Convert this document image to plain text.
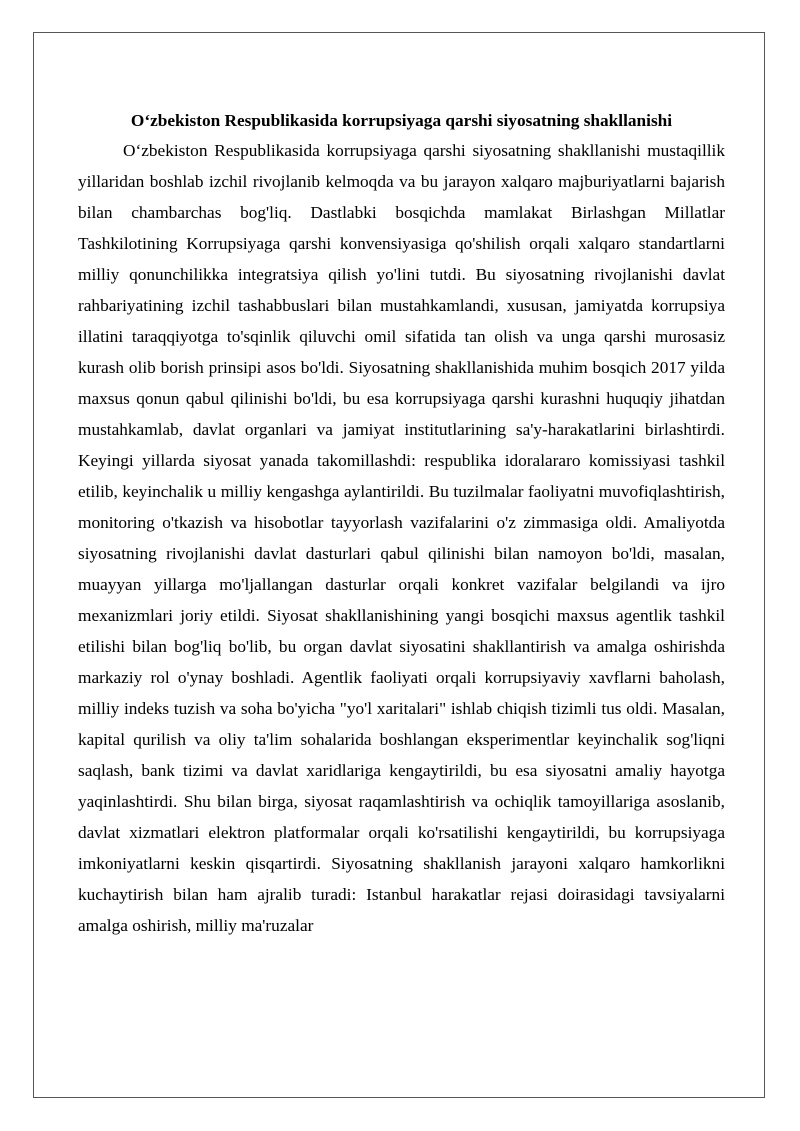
O‘zbekiston Respublikasida korrupsiyaga qarshi siyosatning shakllanishi

O‘zbekiston Respublikasida korrupsiyaga qarshi siyosatning shakllanishi mustaqillik yillaridan boshlab izchil rivojlanib kelmoqda va bu jarayon xalqaro majburiyatlarni bajarish bilan chambarchas bog'liq. Dastlabki bosqichda mamlakat Birlashgan Millatlar Tashkilotining Korrupsiyaga qarshi konvensiyasiga qo'shilish orqali xalqaro standartlarni milliy qonunchilikka integratsiya qilish yo'lini tutdi. Bu siyosatning rivojlanishi davlat rahbariyatining izchil tashabbuslari bilan mustahkamlandi, xususan, jamiyatda korrupsiya illatini taraqqiyotga to'sqinlik qiluvchi omil sifatida tan olish va unga qarshi murosasiz kurash olib borish prinsipi asos bo'ldi. Siyosatning shakllanishida muhim bosqich 2017 yilda maxsus qonun qabul qilinishi bo'ldi, bu esa korrupsiyaga qarshi kurashni huquqiy jihatdan mustahkamlab, davlat organlari va jamiyat institutlarining sa'y-harakatlarini birlashtirdi. Keyingi yillarda siyosat yanada takomillashdi: respublika idoralararo komissiyasi tashkil etilib, keyinchalik u milliy kengashga aylantirildi. Bu tuzilmalar faoliyatni muvofiqlashtirish, monitoring o'tkazish va hisobotlar tayyorlash vazifalarini o'z zimmasiga oldi. Amaliyotda siyosatning rivojlanishi davlat dasturlari qabul qilinishi bilan namoyon bo'ldi, masalan, muayyan yillarga mo'ljallangan dasturlar orqali konkret vazifalar belgilandi va ijro mexanizmlari joriy etildi. Siyosat shakllanishining yangi bosqichi maxsus agentlik tashkil etilishi bilan bog'liq bo'lib, bu organ davlat siyosatini shakllantirish va amalga oshirishda markaziy rol o'ynay boshladi. Agentlik faoliyati orqali korrupsiyaviy xavflarni baholash, milliy indeks tuzish va soha bo'yicha "yo'l xaritalari" ishlab chiqish tizimli tus oldi. Masalan, kapital qurilish va oliy ta'lim sohalarida boshlangan eksperimentlar keyinchalik sog'liqni saqlash, bank tizimi va davlat xaridlariga kengaytirildi, bu esa siyosatni amaliy hayotga yaqinlashtirdi. Shu bilan birga, siyosat raqamlashtirish va ochiqlik tamoyillariga asoslanib, davlat xizmatlari elektron platformalar orqali ko'rsatilishi kengaytirildi, bu korrupsiyaga imkoniyatlarni keskin qisqartirdi. Siyosatning shakllanish jarayoni xalqaro hamkorlikni kuchaytirish bilan ham ajralib turadi: Istanbul harakatlar rejasi doirasidagi tavsiyalarni amalga oshirish, milliy ma'ruzalar
